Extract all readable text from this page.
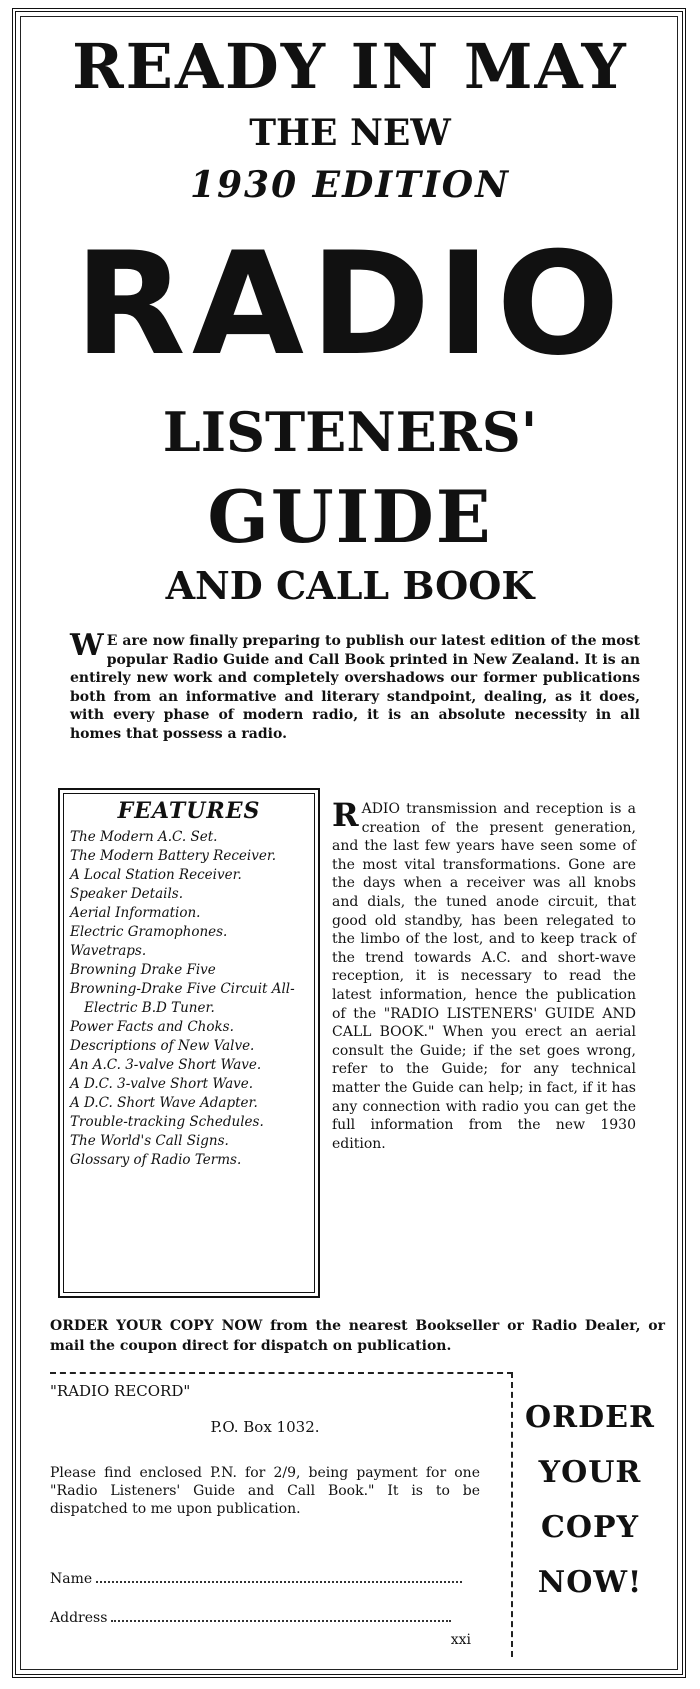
READY IN MAY
THE NEW
1930 EDITION
RADIO
LISTENERS'
GUIDE
AND CALL BOOK
W E are now finally preparing to publish our latest edition of the most popular Radio Guide and Call Book printed in New Zealand. It is an entirely new work and completely overshadows our former publications both from an informative and literary standpoint, dealing, as it does, with every phase of modern radio, it is an absolute necessity in all homes that possess a radio.
FEATURES
The Modern A.C. Set.
The Modern Battery Receiver.
A Local Station Receiver.
Speaker Details.
Aerial Information.
Electric Gramophones.
Wavetraps.
Browning Drake Five
Browning-Drake Five Circuit All-Electric B.D Tuner.
Power Facts and Choks.
Descriptions of New Valve.
An A.C. 3-valve Short Wave.
A D.C. 3-valve Short Wave.
A D.C. Short Wave Adapter.
Trouble-tracking Schedules.
The World's Call Signs.
Glossary of Radio Terms.
RADIO transmission and reception is a creation of the present generation, and the last few years have seen some of the most vital transformations. Gone are the days when a receiver was all knobs and dials, the tuned anode circuit, that good old standby, has been relegated to the limbo of the lost, and to keep track of the trend towards A.C. and short-wave reception, it is necessary to read the latest information, hence the publication of the "RADIO LISTENERS' GUIDE AND CALL BOOK." When you erect an aerial consult the Guide; if the set goes wrong, refer to the Guide; for any technical matter the Guide can help; in fact, if it has any connection with radio you can get the full information from the new 1930 edition.
ORDER YOUR COPY NOW from the nearest Bookseller or Radio Dealer, or mail the coupon direct for dispatch on publication.
"RADIO RECORD"
P.O. Box 1032.
Please find enclosed P.N. for 2/9, being payment for one "Radio Listeners' Guide and Call Book." It is to be dispatched to me upon publication.
Name
Address
xxi
ORDER
YOUR
COPY
NOW!
